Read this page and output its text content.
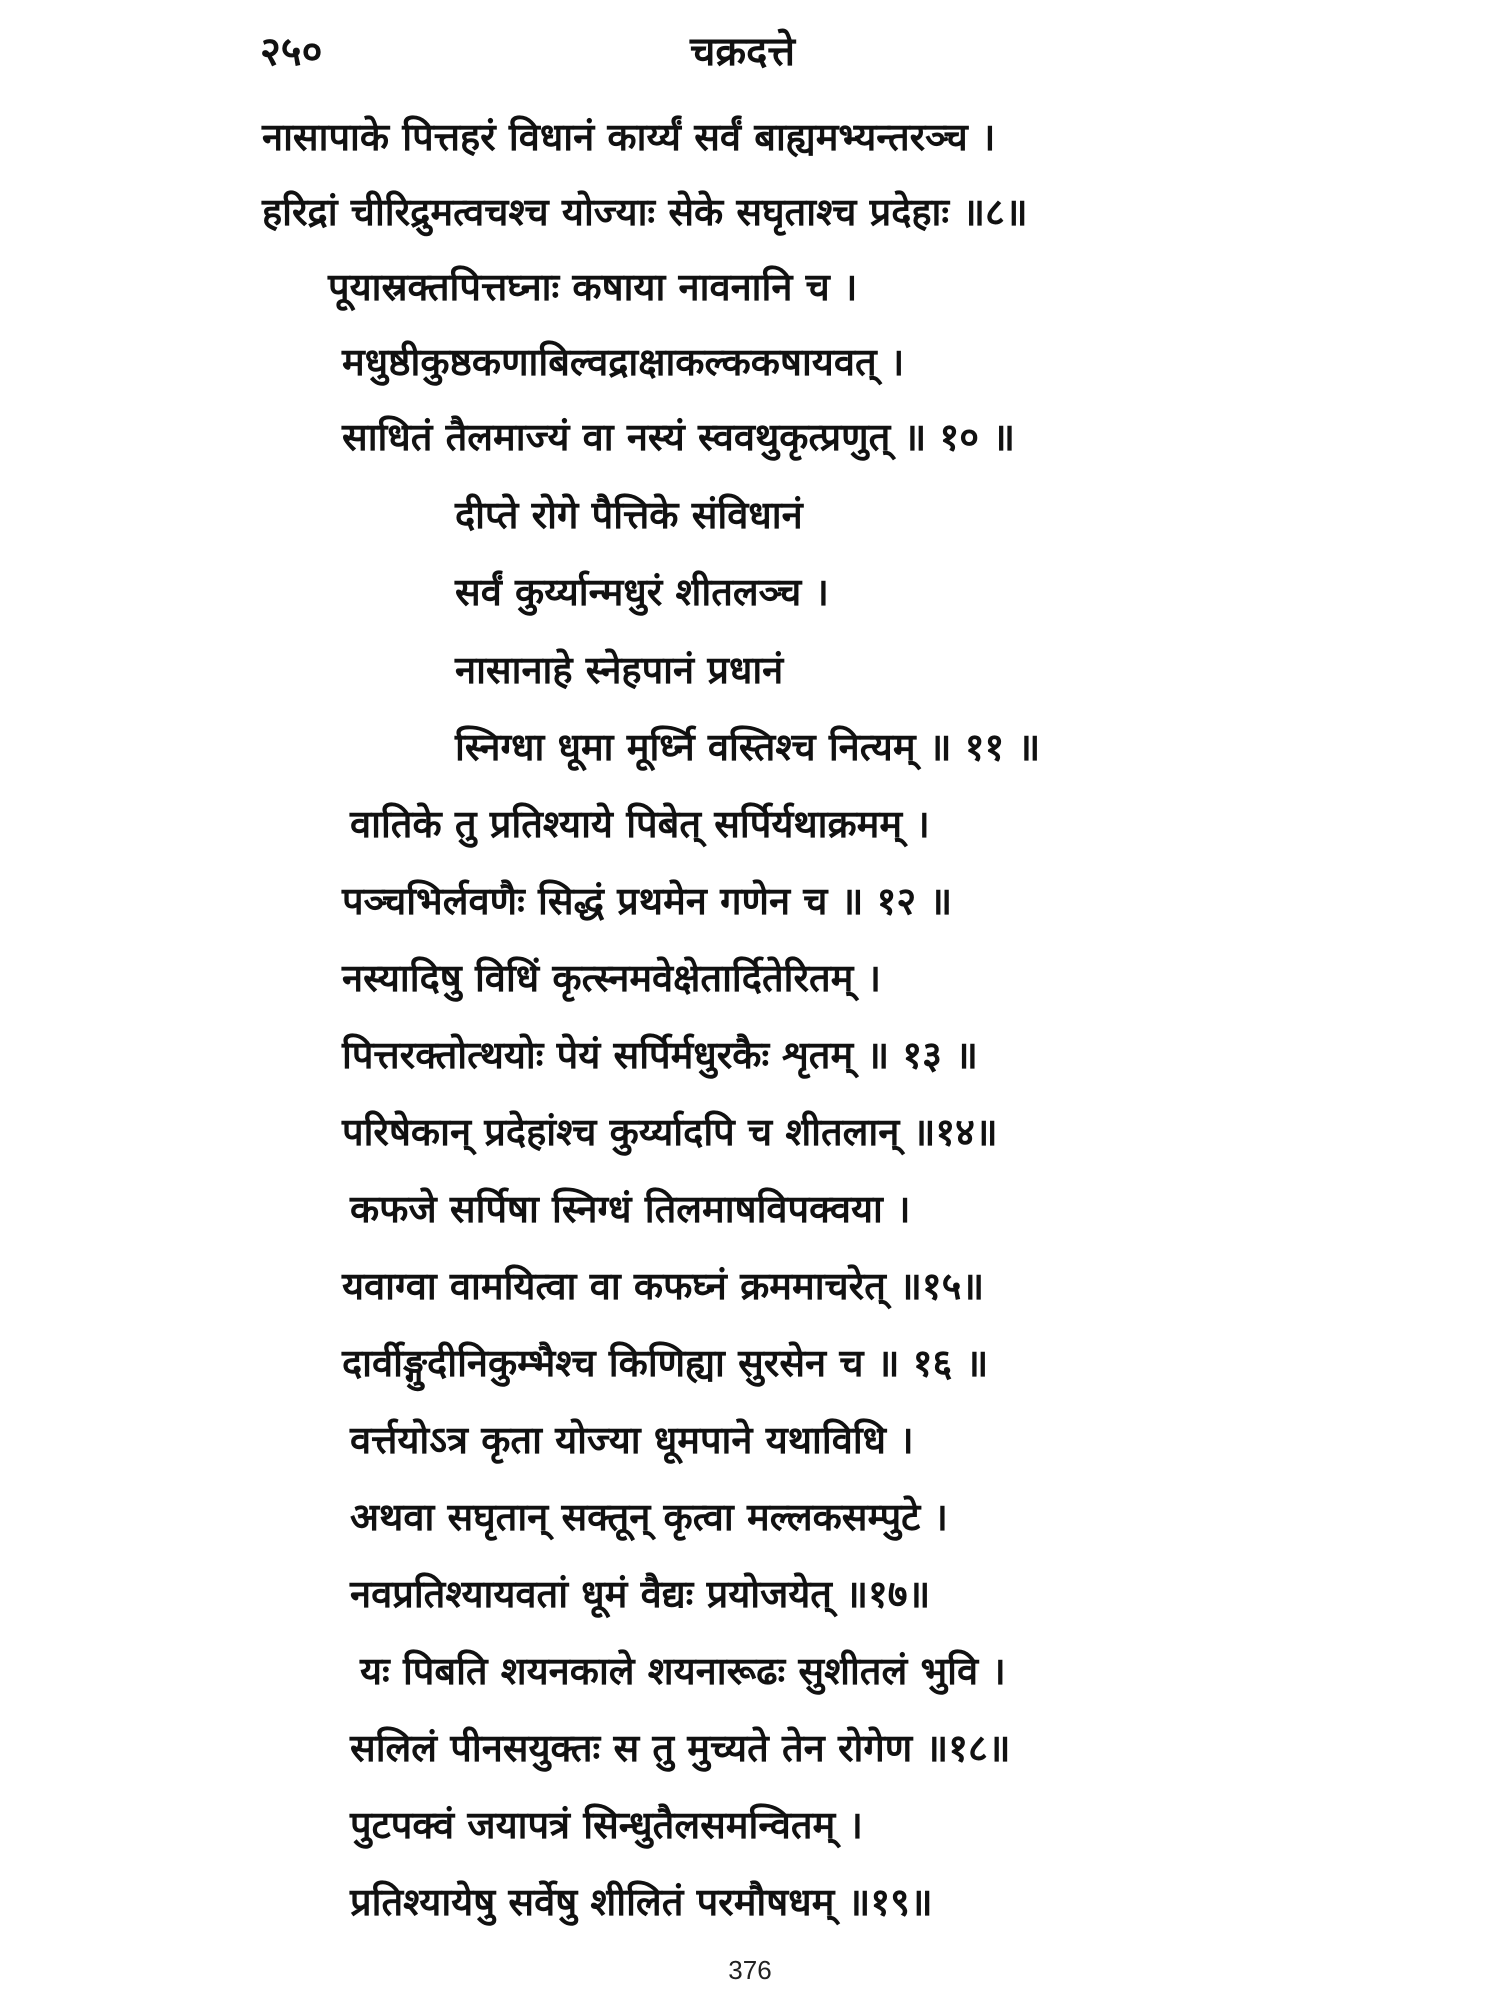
२५०	चक्रदत्ते
नासापाके पित्तहरं विधानं कार्य्यं सर्वं बाह्यमभ्यन्तरञ्च ।
हरिद्रां चीरिद्रुमत्वचश्च योज्याः सेके सघृताश्च प्रदेहाः ॥८॥
पूयास्रक्तपित्तघ्नाः कषाया नावनानि च ।
मधुष्ठीकुष्ठकणाबिल्वद्राक्षाकल्ककषायवत् ।
साधितं तैलमाज्यं वा नस्यं स्ववथुकृत्प्रणुत् ॥ १० ॥
दीप्ते रोगे पैत्तिके संविधानं
सर्वं कुर्य्यान्मधुरं शीतलञ्च ।
नासानाहे स्नेहपानं प्रधानं
स्निग्धा धूमा मूर्ध्नि वस्तिश्च नित्यम् ॥ ११ ॥
वातिके तु प्रतिश्याये पिबेत् सर्पिर्यथाक्रमम् ।
पञ्चभिर्लवणैः सिद्धं प्रथमेन गणेन च ॥ १२ ॥
नस्यादिषु विधिं कृत्स्नमवेक्षेतार्दितेरितम् ।
पित्तरक्तोत्थयोः पेयं सर्पिर्मधुरकैः शृतम् ॥ १३ ॥
परिषेकान् प्रदेहांश्च कुर्य्यादपि च शीतलान् ॥१४॥
कफजे सर्पिषा स्निग्धं तिलमाषविपक्वया ।
यवाग्वा वामयित्वा वा कफघ्नं क्रममाचरेत् ॥१५॥
दार्वीङ्गुदीनिकुम्भैश्च किणिह्या सुरसेन च ॥ १६ ॥
वर्त्तयोऽत्र कृता योज्या धूमपाने यथाविधि ।
अथवा सघृतान् सक्तून् कृत्वा मल्लकसम्पुटे ।
नवप्रतिश्यायवतां धूमं वैद्यः प्रयोजयेत् ॥१७॥
यः पिबति शयनकाले शयनारूढः सुशीतलं भुवि ।
सलिलं पीनसयुक्तः स तु मुच्यते तेन रोगेण ॥१८॥
पुटपक्वं जयापत्रं सिन्धुतैलसमन्वितम् ।
प्रतिश्यायेषु सर्वेषु शीलितं परमौषधम् ॥१९॥
376
